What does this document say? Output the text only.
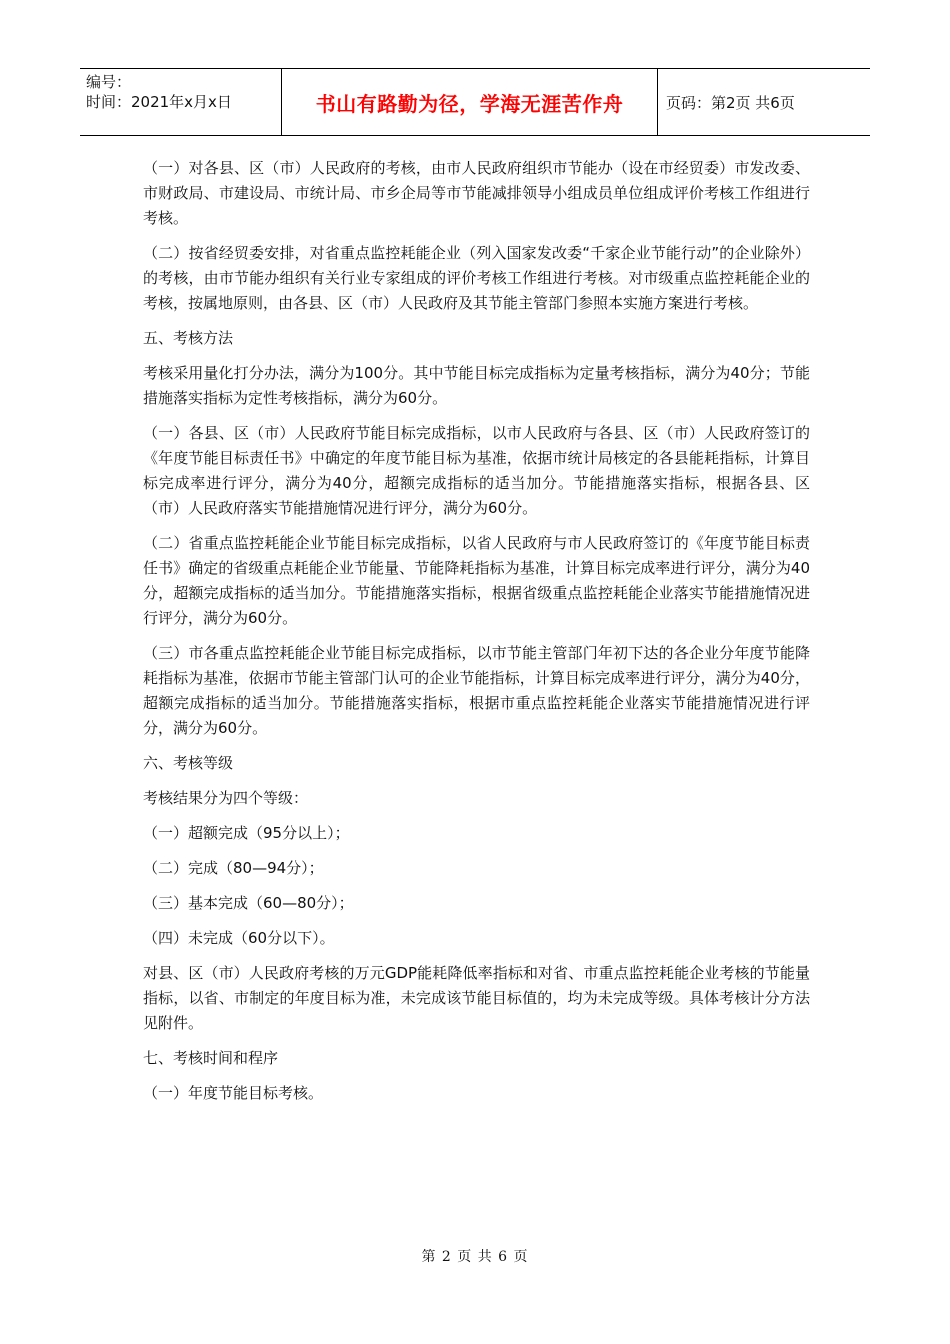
编号：
时间：2021年x月x日	书山有路勤为径，学海无涯苦作舟	页码：第2页 共6页

（一）对各县、区（市）人民政府的考核，由市人民政府组织市节能办（设在市经贸委）市发改委、市财政局、市建设局、市统计局、市乡企局等市节能减排领导小组成员单位组成评价考核工作组进行考核。

（二）按省经贸委安排，对省重点监控耗能企业（列入国家发改委“千家企业节能行动”的企业除外）的考核，由市节能办组织有关行业专家组成的评价考核工作组进行考核。对市级重点监控耗能企业的考核，按属地原则，由各县、区（市）人民政府及其节能主管部门参照本实施方案进行考核。

五、考核方法

考核采用量化打分办法，满分为100分。其中节能目标完成指标为定量考核指标，满分为40分；节能措施落实指标为定性考核指标，满分为60分。

（一）各县、区（市）人民政府节能目标完成指标，以市人民政府与各县、区（市）人民政府签订的《年度节能目标责任书》中确定的年度节能目标为基准，依据市统计局核定的各县能耗指标，计算目标完成率进行评分，满分为40分，超额完成指标的适当加分。节能措施落实指标，根据各县、区（市）人民政府落实节能措施情况进行评分，满分为60分。

（二）省重点监控耗能企业节能目标完成指标，以省人民政府与市人民政府签订的《年度节能目标责任书》确定的省级重点耗能企业节能量、节能降耗指标为基准，计算目标完成率进行评分，满分为40分，超额完成指标的适当加分。节能措施落实指标，根据省级重点监控耗能企业落实节能措施情况进行评分，满分为60分。

（三）市各重点监控耗能企业节能目标完成指标，以市节能主管部门年初下达的各企业分年度节能降耗指标为基准，依据市节能主管部门认可的企业节能指标，计算目标完成率进行评分，满分为40分，超额完成指标的适当加分。节能措施落实指标，根据市重点监控耗能企业落实节能措施情况进行评分，满分为60分。

六、考核等级

考核结果分为四个等级：

（一）超额完成（95分以上）；

（二）完成（80—94分）；

（三）基本完成（60—80分）；

（四）未完成（60分以下）。

对县、区（市）人民政府考核的万元GDP能耗降低率指标和对省、市重点监控耗能企业考核的节能量指标，以省、市制定的年度目标为准，未完成该节能目标值的，均为未完成等级。具体考核计分方法见附件。

七、考核时间和程序

（一）年度节能目标考核。

第 2 页 共 6 页
